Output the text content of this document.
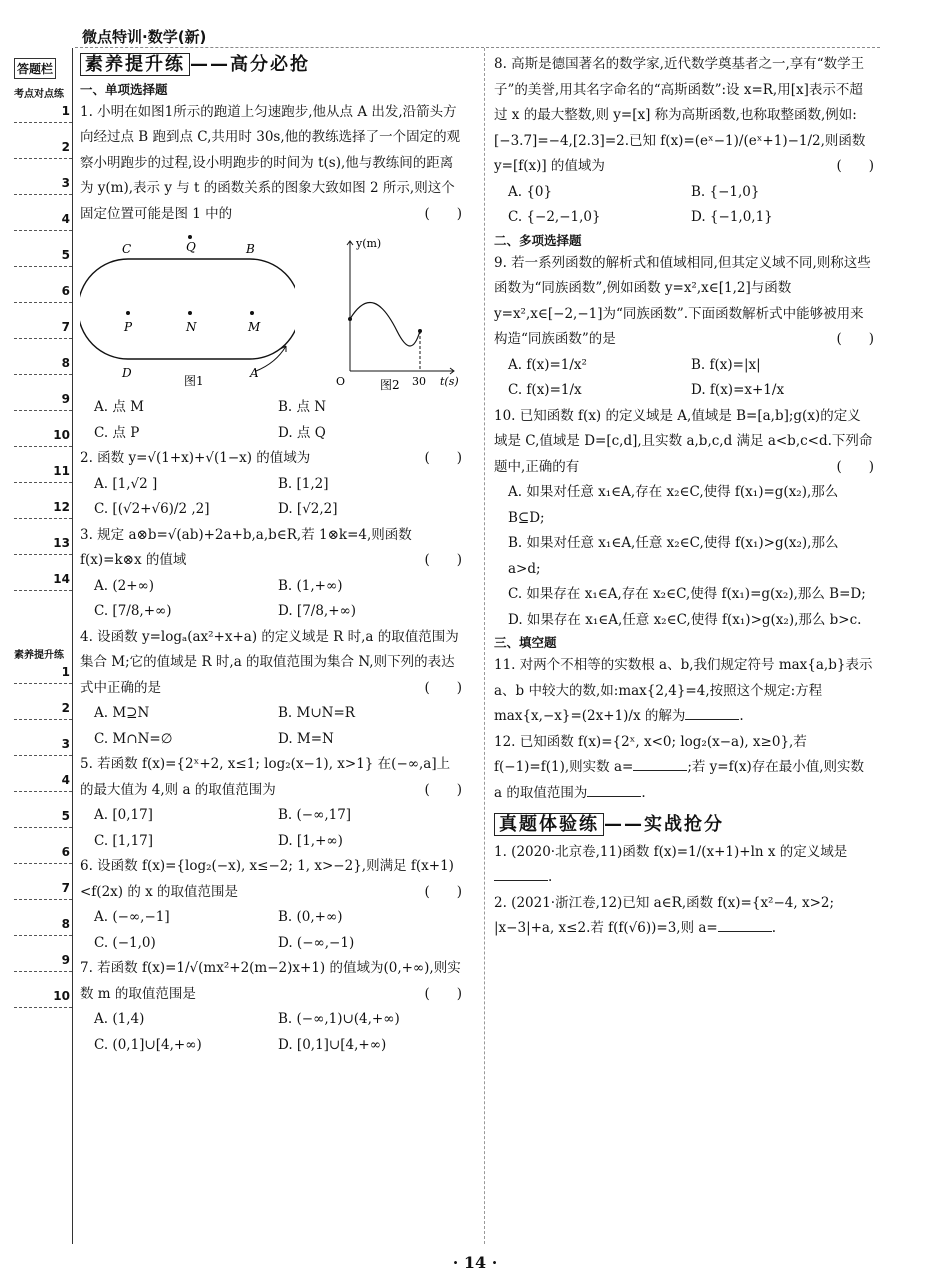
微点特训·数学(新)
答题栏
考点对点练
1
2
3
4
5
6
7
8
9
10
11
12
13
14
素养提升练
1
2
3
4
5
6
7
8
9
10
素养提升练 ——高分必抢
一、单项选择题
1. 小明在如图1所示的跑道上匀速跑步,他从点 A 出发,沿箭头方向经过点 B 跑到点 C,共用时 30s,他的教练选择了一个固定的观察小明跑步的过程,设小明跑步的时间为 t(s),他与教练间的距离为 y(m),表示 y 与 t 的函数关系的图象大致如图 2 所示,则这个固定位置可能是图 1 中的	(　　)
Q
C	B
P	N	M
D	A
图1
y(m)
t(s)
O	30
图2
A. 点 M	B. 点 N
C. 点 P	D. 点 Q
2. 函数 y=√(1+x)+√(1−x) 的值域为	(　　)
A. [1,√2 ]	B. [1,2]
C. [(√2+√6)/2 ,2]	D. [√2,2]
3. 规定 a⊗b=√(ab)+2a+b,a,b∈R,若 1⊗k=4,则函数 f(x)=k⊗x 的值域	(　　)
A. (2+∞)	B. (1,+∞)
C. [7/8,+∞)	D. [7/8,+∞)
4. 设函数 y=logₐ(ax²+x+a) 的定义域是 R 时,a 的取值范围为集合 M;它的值域是 R 时,a 的取值范围为集合 N,则下列的表达式中正确的是	(　　)
A. M⊇N	B. M∪N=R
C. M∩N=∅	D. M=N
5. 若函数 f(x)={2ˣ+2, x≤1; log₂(x−1), x>1} 在(−∞,a]上的最大值为 4,则 a 的取值范围为	(　　)
A. [0,17]	B. (−∞,17]
C. [1,17]	D. [1,+∞)
6. 设函数 f(x)={log₂(−x), x≤−2; 1, x>−2},则满足 f(x+1)<f(2x) 的 x 的取值范围是	(　　)
A. (−∞,−1]	B. (0,+∞)
C. (−1,0)	D. (−∞,−1)
7. 若函数 f(x)=1/√(mx²+2(m−2)x+1) 的值域为(0,+∞),则实数 m 的取值范围是	(　　)
A. (1,4)	B. (−∞,1)∪(4,+∞)
C. (0,1]∪[4,+∞)	D. [0,1]∪[4,+∞)
8. 高斯是德国著名的数学家,近代数学奠基者之一,享有“数学王子”的美誉,用其名字命名的“高斯函数”:设 x=R,用[x]表示不超过 x 的最大整数,则 y=[x] 称为高斯函数,也称取整函数,例如:[−3.7]=−4,[2.3]=2.已知 f(x)=(eˣ−1)/(eˣ+1)−1/2,则函数 y=[f(x)] 的值域为	(　　)
A. {0}	B. {−1,0}
C. {−2,−1,0}	D. {−1,0,1}
二、多项选择题
9. 若一系列函数的解析式和值域相同,但其定义域不同,则称这些函数为“同族函数”,例如函数 y=x²,x∈[1,2]与函数 y=x²,x∈[−2,−1]为“同族函数”.下面函数解析式中能够被用来构造“同族函数”的是	(　　)
A. f(x)=1/x²	B. f(x)=|x|
C. f(x)=1/x	D. f(x)=x+1/x
10. 已知函数 f(x) 的定义域是 A,值域是 B=[a,b];g(x)的定义域是 C,值域是 D=[c,d],且实数 a,b,c,d 满足 a<b,c<d.下列命题中,正确的有	(　　)
A. 如果对任意 x₁∈A,存在 x₂∈C,使得 f(x₁)=g(x₂),那么 B⊆D;
B. 如果对任意 x₁∈A,任意 x₂∈C,使得 f(x₁)>g(x₂),那么 a>d;
C. 如果存在 x₁∈A,存在 x₂∈C,使得 f(x₁)=g(x₂),那么 B=D;
D. 如果存在 x₁∈A,任意 x₂∈C,使得 f(x₁)>g(x₂),那么 b>c.
三、填空题
11. 对两个不相等的实数根 a、b,我们规定符号 max{a,b}表示 a、b 中较大的数,如:max{2,4}=4,按照这个规定:方程 max{x,−x}=(2x+1)/x 的解为	.
12. 已知函数 f(x)={2ˣ, x<0; log₂(x−a), x≥0},若 f(−1)=f(1),则实数 a=	;若 y=f(x)存在最小值,则实数 a 的取值范围为	.
真题体验练 ——实战抢分
1. (2020·北京卷,11)函数 f(x)=1/(x+1)+ln x 的定义域是.
2. (2021·浙江卷,12)已知 a∈R,函数 f(x)={x²−4, x>2; |x−3|+a, x≤2.若 f(f(√6))=3,则 a=	.
· 14 ·
